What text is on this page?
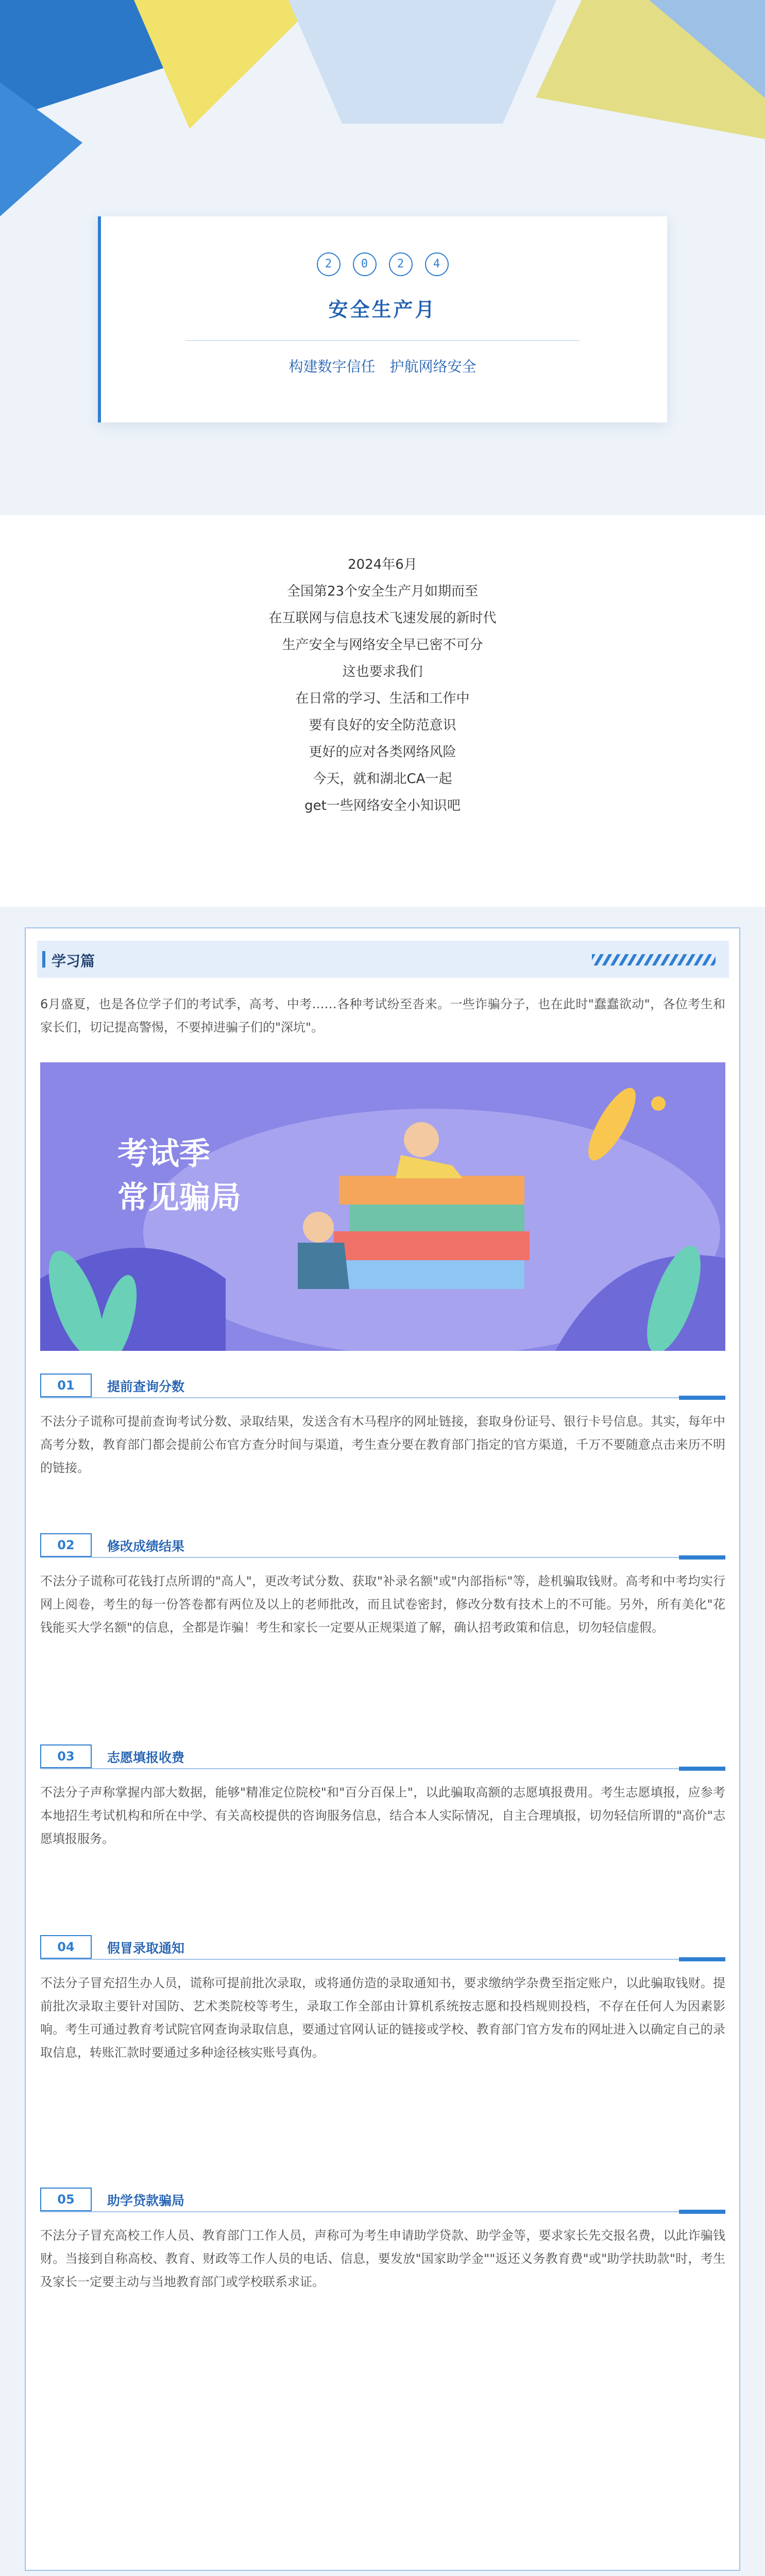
2	0	2	4
安全生产月
构建数字信任　护航网络安全
2024年6月
全国第23个安全生产月如期而至
在互联网与信息技术飞速发展的新时代
生产安全与网络安全早已密不可分
这也要求我们
在日常的学习、生活和工作中
要有良好的安全防范意识
更好的应对各类网络风险
今天，就和湖北CA一起
get一些网络安全小知识吧
学习篇
6月盛夏，也是各位学子们的考试季，高考、中考……各种考试纷至沓来。一些诈骗分子，也在此时"蠢蠢欲动"，各位考生和家长们，切记提高警惕，不要掉进骗子们的"深坑"。
考试季
常见骗局
01	提前查询分数
不法分子谎称可提前查询考试分数、录取结果，发送含有木马程序的网址链接，套取身份证号、银行卡号信息。其实，每年中高考分数，教育部门都会提前公布官方查分时间与渠道，考生查分要在教育部门指定的官方渠道，千万不要随意点击来历不明的链接。
02	修改成绩结果
不法分子谎称可花钱打点所谓的"高人"，更改考试分数、获取"补录名额"或"内部指标"等，趁机骗取钱财。高考和中考均实行网上阅卷，考生的每一份答卷都有两位及以上的老师批改，而且试卷密封，修改分数有技术上的不可能。另外，所有美化"花钱能买大学名额"的信息，全都是诈骗！考生和家长一定要从正规渠道了解，确认招考政策和信息，切勿轻信虚假。
03	志愿填报收费
不法分子声称掌握内部大数据，能够"精准定位院校"和"百分百保上"，以此骗取高额的志愿填报费用。考生志愿填报，应参考本地招生考试机构和所在中学、有关高校提供的咨询服务信息，结合本人实际情况，自主合理填报，切勿轻信所谓的"高价"志愿填报服务。
04	假冒录取通知
不法分子冒充招生办人员，谎称可提前批次录取，或将通仿造的录取通知书，要求缴纳学杂费至指定账户，以此骗取钱财。提前批次录取主要针对国防、艺术类院校等考生，录取工作全部由计算机系统按志愿和投档规则投档，不存在任何人为因素影响。考生可通过教育考试院官网查询录取信息，要通过官网认证的链接或学校、教育部门官方发布的网址进入以确定自己的录取信息，转账汇款时要通过多种途径核实账号真伪。
05	助学贷款骗局
不法分子冒充高校工作人员、教育部门工作人员，声称可为考生申请助学贷款、助学金等，要求家长先交报名费，以此诈骗钱财。当接到自称高校、教育、财政等工作人员的电话、信息，要发放"国家助学金""返还义务教育费"或"助学扶助款"时，考生及家长一定要主动与当地教育部门或学校联系求证。
